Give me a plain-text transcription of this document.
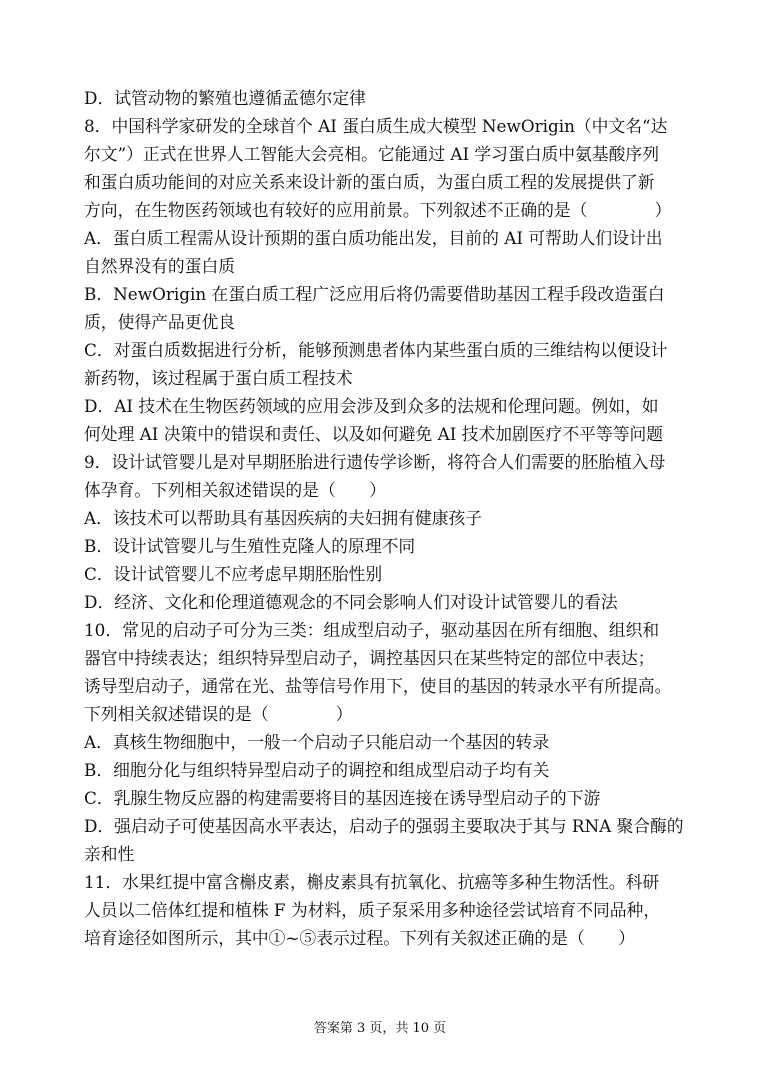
D．试管动物的繁殖也遵循孟德尔定律
8．中国科学家研发的全球首个 AI 蛋白质生成大模型 NewOrigin（中文名“达
尔文”）正式在世界人工智能大会亮相。它能通过 AI 学习蛋白质中氨基酸序列
和蛋白质功能间的对应关系来设计新的蛋白质，为蛋白质工程的发展提供了新
方向，在生物医药领域也有较好的应用前景。下列叙述不正确的是（　　　　）
A．蛋白质工程需从设计预期的蛋白质功能出发，目前的 AI 可帮助人们设计出
自然界没有的蛋白质
B．NewOrigin 在蛋白质工程广泛应用后将仍需要借助基因工程手段改造蛋白
质，使得产品更优良
C．对蛋白质数据进行分析，能够预测患者体内某些蛋白质的三维结构以便设计
新药物，该过程属于蛋白质工程技术
D．AI 技术在生物医药领域的应用会涉及到众多的法规和伦理问题。例如，如
何处理 AI 决策中的错误和责任、以及如何避免 AI 技术加剧医疗不平等等问题
9．设计试管婴儿是对早期胚胎进行遗传学诊断，将符合人们需要的胚胎植入母
体孕育。下列相关叙述错误的是（　　）
A．该技术可以帮助具有基因疾病的夫妇拥有健康孩子
B．设计试管婴儿与生殖性克隆人的原理不同
C．设计试管婴儿不应考虑早期胚胎性别
D．经济、文化和伦理道德观念的不同会影响人们对设计试管婴儿的看法
10．常见的启动子可分为三类：组成型启动子，驱动基因在所有细胞、组织和
器官中持续表达；组织特异型启动子，调控基因只在某些特定的部位中表达；
诱导型启动子，通常在光、盐等信号作用下，使目的基因的转录水平有所提高。
下列相关叙述错误的是（　　　　）
A．真核生物细胞中，一般一个启动子只能启动一个基因的转录
B．细胞分化与组织特异型启动子的调控和组成型启动子均有关
C．乳腺生物反应器的构建需要将目的基因连接在诱导型启动子的下游
D．强启动子可使基因高水平表达，启动子的强弱主要取决于其与 RNA 聚合酶的
亲和性
11．水果红提中富含槲皮素，槲皮素具有抗氧化、抗癌等多种生物活性。科研
人员以二倍体红提和植株 F 为材料，质子泵采用多种途径尝试培育不同品种，
培育途径如图所示，其中①~⑤表示过程。下列有关叙述正确的是（　　）
答案第 3 页，共 10 页
